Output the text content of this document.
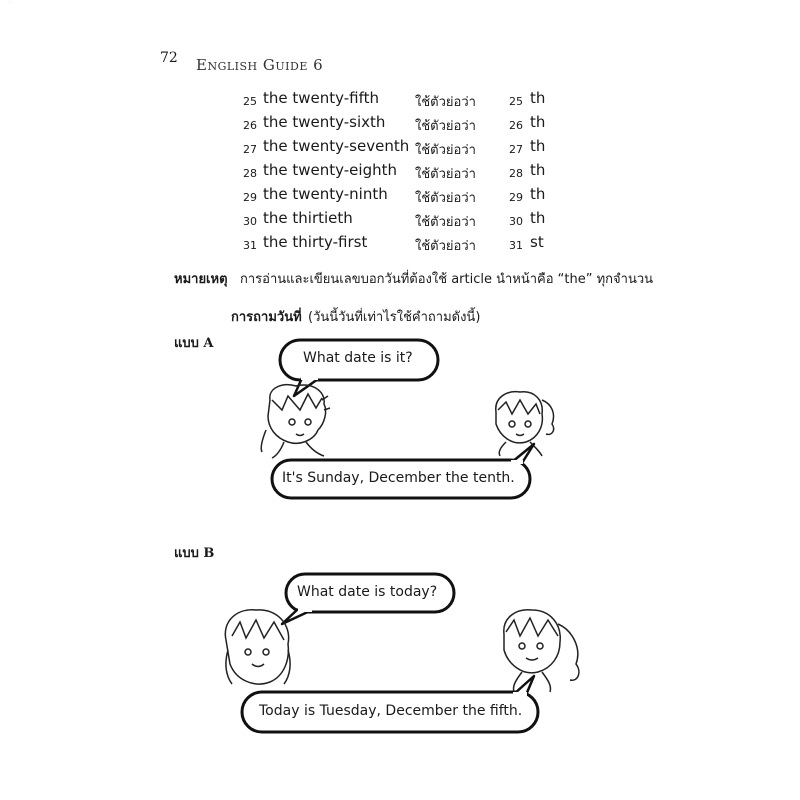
72 English Guide 6
25 the twenty-fifth	ใช้ตัวย่อว่า	25 th
26 the twenty-sixth ใช้ตัวย่อว่า	26 th
27 the twenty-seventh ใช้ตัวย่อว่า	27 th
28 the twenty-eighth ใช้ตัวย่อว่า	28 th
29 the twenty-ninth ใช้ตัวย่อว่า	29 th
30 the thirtieth	ใช้ตัวย่อว่า	30 th
31 the thirty-first	ใช้ตัวย่อว่า	31 st
หมายเหตุ การอ่านและเขียนเลขบอกวันที่ต้องใช้ article นำหน้าคือ “the” ทุกจำนวน
การถามวันที่ (วันนี้วันที่เท่าไรใช้คำถามดังนี้)
แบบ A
What date is it?
It's Sunday, December the tenth.
แบบ B
What date is today?
Today is Tuesday, December the fifth.
